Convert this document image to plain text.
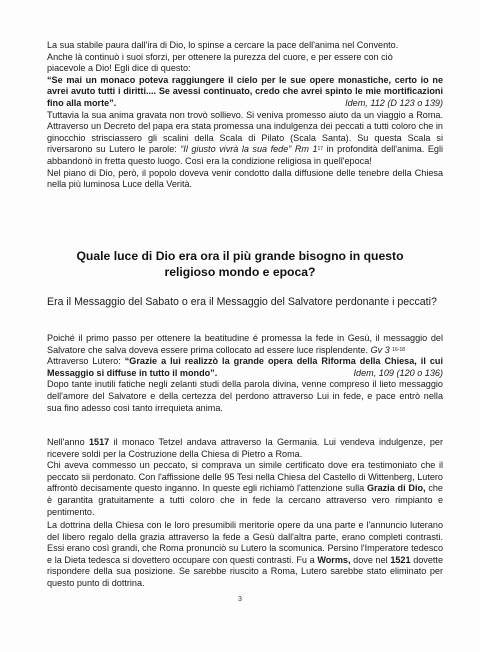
La sua stabile paura dall'ira di Dio, lo spinse a cercare la pace dell'anima nel Convento.
Anche là continuò i suoi sforzi, per ottenere la purezza del cuore, e per essere con ciò
piacevole a Dio! Egli dice di questo:
“Se mai un monaco poteva raggiungere il cielo per le sue opere monastiche, certo io ne avrei avuto tutti i diritti.... Se avessi continuato, credo che avrei spinto le mie mortificazioni fino alla morte”.	Idem, 112 (D 123 o 139)

Tuttavia la sua anima gravata non trovò sollievo. Si veniva promesso aiuto da un viaggio a Roma. Attraverso un Decreto del papa era stata promessa una indulgenza dei peccati a tutti coloro che in ginocchio strisciassero gli scalini della Scala di Pilato (Scala Santa). Su questa Scala si riversarono su Lutero le parole: “Il giusto vivrà la sua fede” Rm $1^{17}$ in profondità dell'anima. Egli abbandonò in fretta questo luogo. Così era la condizione religiosa in quell'epoca!
Nel piano di Dio, però, il popolo doveva venir condotto dalla diffusione delle tenebre della Chiesa nella più luminosa Luce della Verità.
Quale luce di Dio era ora il più grande bisogno in questo
religioso mondo e epoca?

Era il Messaggio del Sabato o era il Messaggio del Salvatore perdonante i peccati?

Poiché il primo passo per ottenere la beatitudine é promessa la fede in Gesù, il messaggio del Salvatore che salva doveva essere prima collocato ad essere luce risplendente. Gv 3 $^{16-18}$
Attraverso Lutero: “Grazie a lui realizzò la grande opera della Riforma della Chiesa, il cui Messaggio si diffuse in tutto il mondo”.	Idem, 109 (120 o 136)

Dopo tante inutili fatiche negli zelanti studi della parola divina, venne compreso il lieto messaggio dell'amore del Salvatore e della certezza del perdono attraverso Lui in fede, e pace entrò nella sua fino adesso così tanto irrequieta anima.
Nell'anno 1517 il monaco Tetzel andava attraverso la Germania. Lui vendeva indulgenze, per ricevere soldi per la Costruzione della Chiesa di Pietro a Roma.
Chi aveva commesso un peccato, si comprava un simile certificato dove era testimoniato che il peccato sii perdonato. Con l'affissione delle 95 Tesi nella Chiesa del Castello di Wittenberg, Lutero affrontò decisamente questo inganno. In queste egli richiamò l'attenzione sulla Grazia di Dio, che è garantita gratuitamente a tutti coloro che in fede la cercano attraverso vero rimpianto e pentimento.
La dottrina della Chiesa con le loro presumibili meritorie opere da una parte e l'annuncio luterano del libero regalo della grazia attraverso la fede a Gesù dall'altra parte, erano completi contrasti. Essi erano così grandi, che Roma pronunciò su Lutero la scomunica. Persino l'Imperatore tedesco e la Dieta tedesca si dovettero occupare con questi contrasti. Fu a Worms, dove nel 1521 dovette rispondere della sua posizione. Se sarebbe riuscito a Roma, Lutero sarebbe stato eliminato per questo punto di dottrina.
3
